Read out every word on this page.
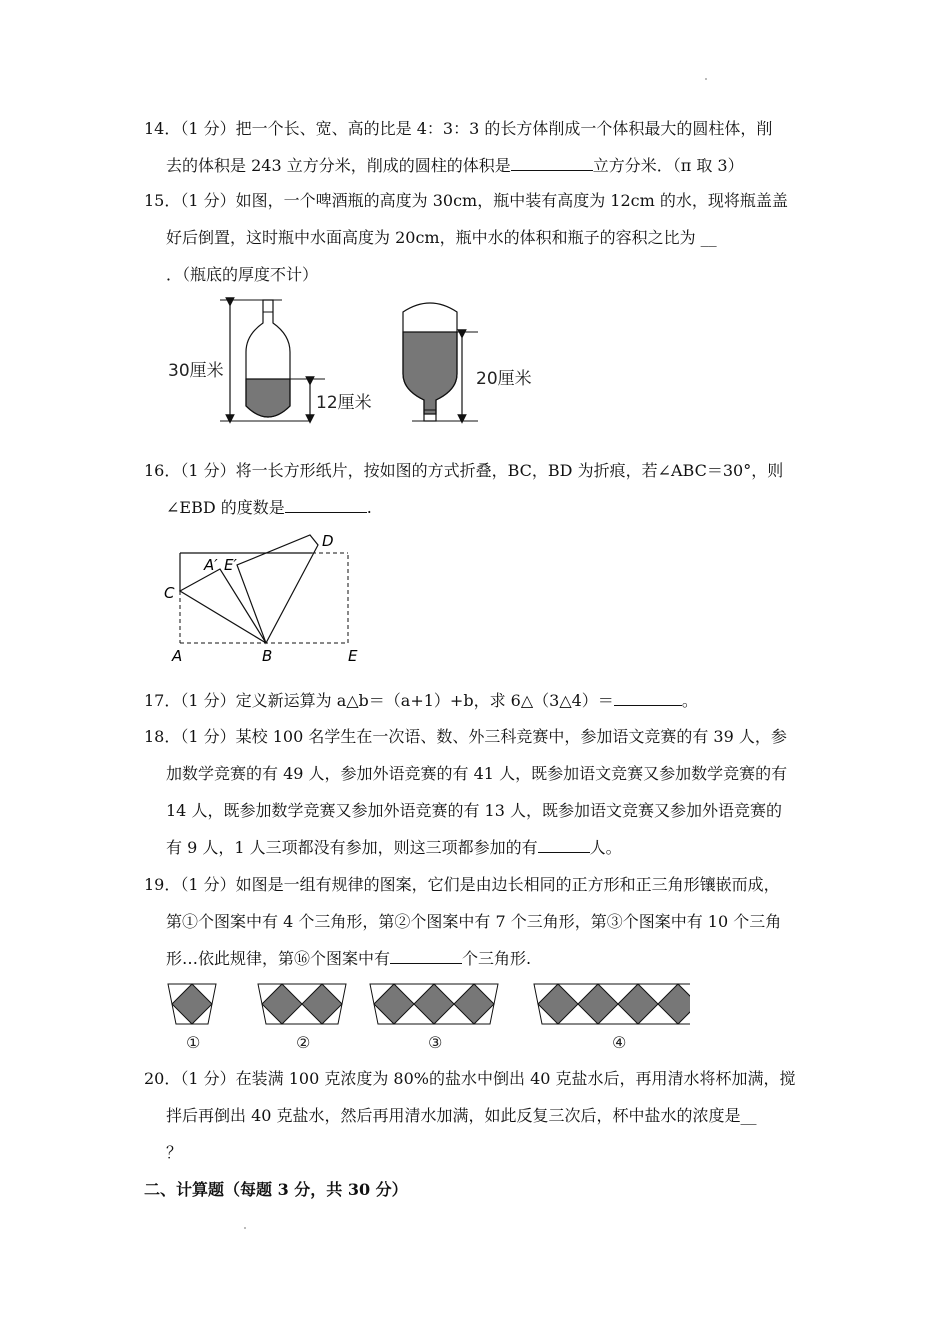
14．（1 分）把一个长、宽、高的比是 4：3：3 的长方体削成一个体积最大的圆柱体，削
去的体积是 243 立方分米，削成的圆柱的体积是	立方分米．（π 取 3）
15．（1 分）如图，一个啤酒瓶的高度为 30cm，瓶中装有高度为 12cm 的水，现将瓶盖盖
好后倒置，这时瓶中水面高度为 20cm，瓶中水的体积和瓶子的容积之比为 __
．（瓶底的厚度不计）
30厘米
12厘米
20厘米
16．（1 分）将一长方形纸片，按如图的方式折叠，BC，BD 为折痕，若∠ABC＝30°，则
∠EBD 的度数是	.
D
A′ E′
C
A	B	E
17．（1 分）定义新运算为 a△b＝（a+1）+b，求 6△（3△4）＝	。
18．（1 分）某校 100 名学生在一次语、数、外三科竞赛中，参加语文竞赛的有 39 人，参
加数学竞赛的有 49 人，参加外语竞赛的有 41 人，既参加语文竞赛又参加数学竞赛的有
14 人，既参加数学竞赛又参加外语竞赛的有 13 人，既参加语文竞赛又参加外语竞赛的
有 9 人，1 人三项都没有参加，则这三项都参加的有	人。
19．（1 分）如图是一组有规律的图案，它们是由边长相同的正方形和正三角形镶嵌而成，
第①个图案中有 4 个三角形，第②个图案中有 7 个三角形，第③个图案中有 10 个三角
形…依此规律，第⑯个图案中有	个三角形.
①	②	③	④
20．（1 分）在装满 100 克浓度为 80%的盐水中倒出 40 克盐水后，再用清水将杯加满，搅
拌后再倒出 40 克盐水，然后再用清水加满，如此反复三次后，杯中盐水的浓度是__
？
二、计算题（每题 3 分，共 30 分）
